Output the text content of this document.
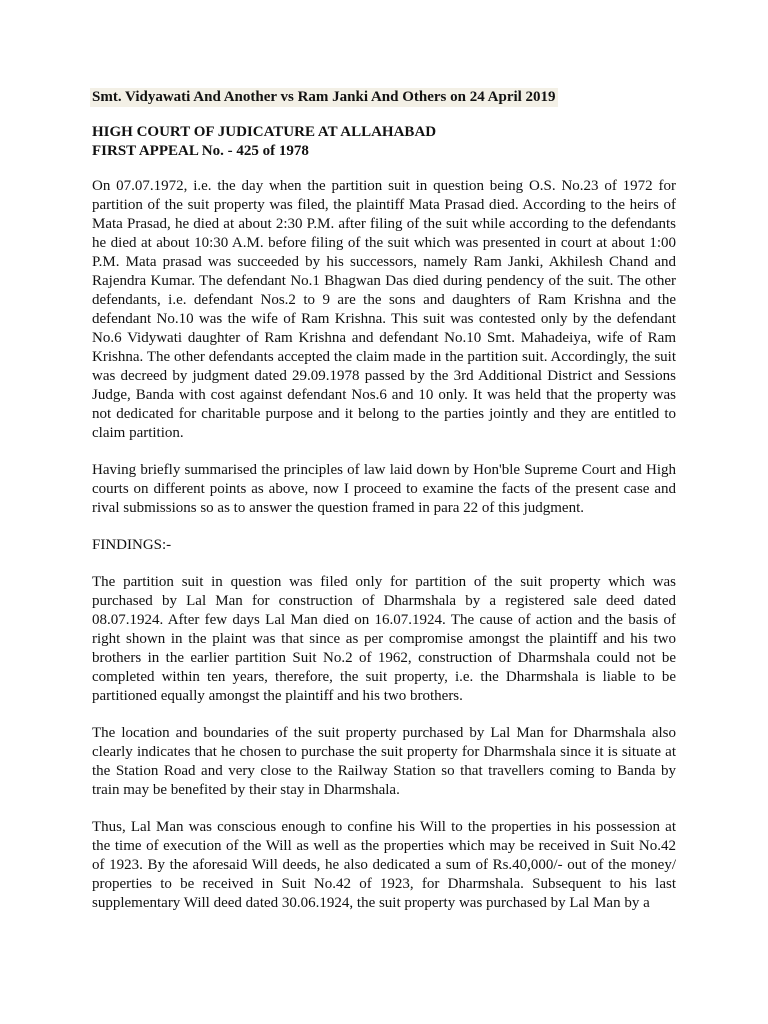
Smt. Vidyawati And Another vs Ram Janki And Others on 24 April 2019
HIGH COURT OF JUDICATURE AT ALLAHABAD
FIRST APPEAL No. - 425 of 1978

On 07.07.1972, i.e. the day when the partition suit in question being O.S. No.23 of 1972 for partition of the suit property was filed, the plaintiff Mata Prasad died. According to the heirs of Mata Prasad, he died at about 2:30 P.M. after filing of the suit while according to the defendants he died at about 10:30 A.M. before filing of the suit which was presented in court at about 1:00 P.M. Mata prasad was succeeded by his successors, namely Ram Janki, Akhilesh Chand and Rajendra Kumar. The defendant No.1 Bhagwan Das died during pendency of the suit. The other defendants, i.e. defendant Nos.2 to 9 are the sons and daughters of Ram Krishna and the defendant No.10 was the wife of Ram Krishna. This suit was contested only by the defendant No.6 Vidywati daughter of Ram Krishna and defendant No.10 Smt. Mahadeiya, wife of Ram Krishna. The other defendants accepted the claim made in the partition suit. Accordingly, the suit was decreed by judgment dated 29.09.1978 passed by the 3rd Additional District and Sessions Judge, Banda with cost against defendant Nos.6 and 10 only. It was held that the property was not dedicated for charitable purpose and it belong to the parties jointly and they are entitled to claim partition.

Having briefly summarised the principles of law laid down by Hon'ble Supreme Court and High courts on different points as above, now I proceed to examine the facts of the present case and rival submissions so as to answer the question framed in para 22 of this judgment.

FINDINGS:-

The partition suit in question was filed only for partition of the suit property which was purchased by Lal Man for construction of Dharmshala by a registered sale deed dated 08.07.1924. After few days Lal Man died on 16.07.1924. The cause of action and the basis of right shown in the plaint was that since as per compromise amongst the plaintiff and his two brothers in the earlier partition Suit No.2 of 1962, construction of Dharmshala could not be completed within ten years, therefore, the suit property, i.e. the Dharmshala is liable to be partitioned equally amongst the plaintiff and his two brothers.

The location and boundaries of the suit property purchased by Lal Man for Dharmshala also clearly indicates that he chosen to purchase the suit property for Dharmshala since it is situate at the Station Road and very close to the Railway Station so that travellers coming to Banda by train may be benefited by their stay in Dharmshala.

Thus, Lal Man was conscious enough to confine his Will to the properties in his possession at the time of execution of the Will as well as the properties which may be received in Suit No.42 of 1923. By the aforesaid Will deeds, he also dedicated a sum of Rs.40,000/- out of the money/ properties to be received in Suit No.42 of 1923, for Dharmshala. Subsequent to his last supplementary Will deed dated 30.06.1924, the suit property was purchased by Lal Man by a
